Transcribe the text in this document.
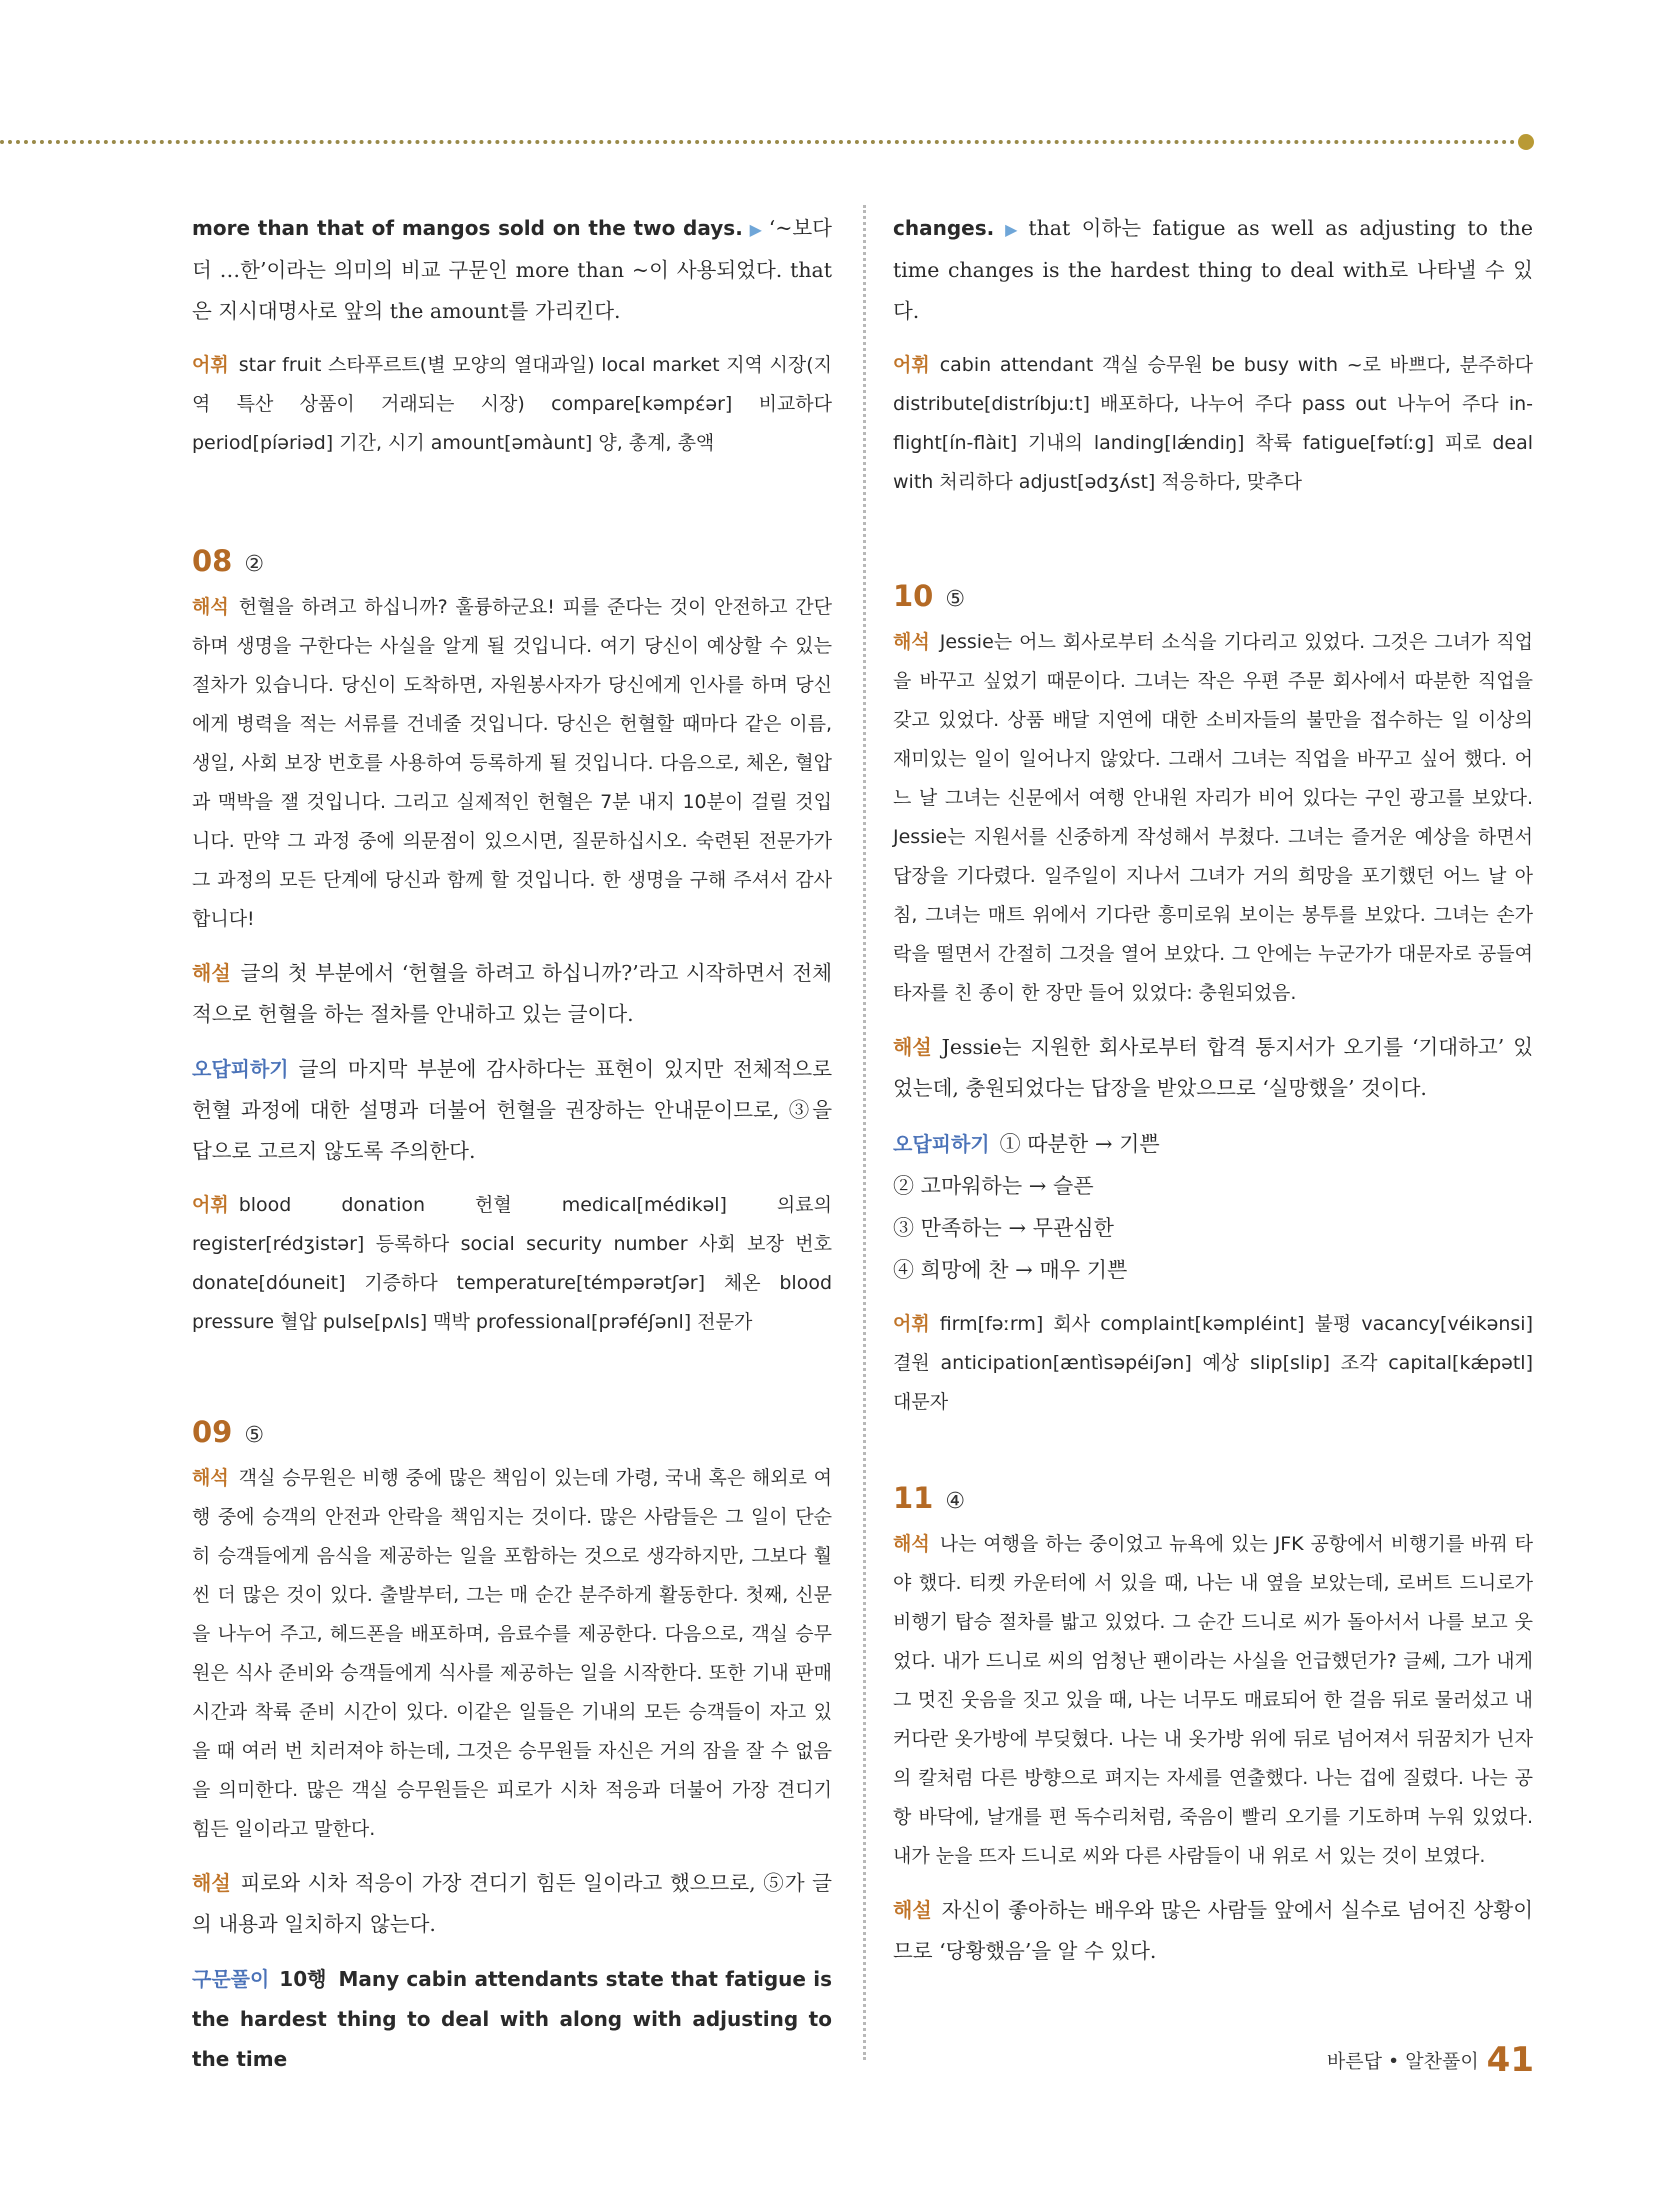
more than that of mangos sold on the two days. ▶ ‘~보다 더 …한’이라는 의미의 비교 구문인 more than ~이 사용되었다. that은 지시대명사로 앞의 the amount를 가리킨다.

어휘 star fruit 스타푸르트(별 모양의 열대과일) local market 지역 시장(지역 특산 상품이 거래되는 시장) compare[kəmpέər] 비교하다 period[píəriəd] 기간, 시기 amount[əmàunt] 양, 총계, 총액

08 ②

해석 헌혈을 하려고 하십니까? 훌륭하군요! 피를 준다는 것이 안전하고 간단하며 생명을 구한다는 사실을 알게 될 것입니다. 여기 당신이 예상할 수 있는 절차가 있습니다. 당신이 도착하면, 자원봉사자가 당신에게 인사를 하며 당신에게 병력을 적는 서류를 건네줄 것입니다. 당신은 헌혈할 때마다 같은 이름, 생일, 사회 보장 번호를 사용하여 등록하게 될 것입니다. 다음으로, 체온, 혈압과 맥박을 잴 것입니다. 그리고 실제적인 헌혈은 7분 내지 10분이 걸릴 것입니다. 만약 그 과정 중에 의문점이 있으시면, 질문하십시오. 숙련된 전문가가 그 과정의 모든 단계에 당신과 함께 할 것입니다. 한 생명을 구해 주셔서 감사합니다!

해설 글의 첫 부분에서 ‘헌혈을 하려고 하십니까?’라고 시작하면서 전체적으로 헌혈을 하는 절차를 안내하고 있는 글이다.

오답피하기 글의 마지막 부분에 감사하다는 표현이 있지만 전체적으로 헌혈 과정에 대한 설명과 더불어 헌혈을 권장하는 안내문이므로, ③을 답으로 고르지 않도록 주의한다.

어휘 blood donation 헌혈 medical[médikəl] 의료의 register[rédʒistər] 등록하다 social security number 사회 보장 번호 donate[dóuneit] 기증하다 temperature[témpərətʃər] 체온 blood pressure 혈압 pulse[pʌls] 맥박 professional[prəféʃənl] 전문가

09 ⑤

해석 객실 승무원은 비행 중에 많은 책임이 있는데 가령, 국내 혹은 해외로 여행 중에 승객의 안전과 안락을 책임지는 것이다. 많은 사람들은 그 일이 단순히 승객들에게 음식을 제공하는 일을 포함하는 것으로 생각하지만, 그보다 훨씬 더 많은 것이 있다. 출발부터, 그는 매 순간 분주하게 활동한다. 첫째, 신문을 나누어 주고, 헤드폰을 배포하며, 음료수를 제공한다. 다음으로, 객실 승무원은 식사 준비와 승객들에게 식사를 제공하는 일을 시작한다. 또한 기내 판매 시간과 착륙 준비 시간이 있다. 이같은 일들은 기내의 모든 승객들이 자고 있을 때 여러 번 치러져야 하는데, 그것은 승무원들 자신은 거의 잠을 잘 수 없음을 의미한다. 많은 객실 승무원들은 피로가 시차 적응과 더불어 가장 견디기 힘든 일이라고 말한다.

해설 피로와 시차 적응이 가장 견디기 힘든 일이라고 했으므로, ⑤가 글의 내용과 일치하지 않는다.

구문풀이 10행 Many cabin attendants state that fatigue is the hardest thing to deal with along with adjusting to the time

changes. ▶ that 이하는 fatigue as well as adjusting to the time changes is the hardest thing to deal with로 나타낼 수 있다.

어휘 cabin attendant 객실 승무원 be busy with ~로 바쁘다, 분주하다 distribute[distríbjuːt] 배포하다, 나누어 주다 pass out 나누어 주다 in-flight[ín-flàit] 기내의 landing[lǽndiŋ] 착륙 fatigue[fətíːg] 피로 deal with 처리하다 adjust[ədʒʌ́st] 적응하다, 맞추다

10 ⑤

해석 Jessie는 어느 회사로부터 소식을 기다리고 있었다. 그것은 그녀가 직업을 바꾸고 싶었기 때문이다. 그녀는 작은 우편 주문 회사에서 따분한 직업을 갖고 있었다. 상품 배달 지연에 대한 소비자들의 불만을 접수하는 일 이상의 재미있는 일이 일어나지 않았다. 그래서 그녀는 직업을 바꾸고 싶어 했다. 어느 날 그녀는 신문에서 여행 안내원 자리가 비어 있다는 구인 광고를 보았다. Jessie는 지원서를 신중하게 작성해서 부쳤다. 그녀는 즐거운 예상을 하면서 답장을 기다렸다. 일주일이 지나서 그녀가 거의 희망을 포기했던 어느 날 아침, 그녀는 매트 위에서 기다란 흥미로워 보이는 봉투를 보았다. 그녀는 손가락을 떨면서 간절히 그것을 열어 보았다. 그 안에는 누군가가 대문자로 공들여 타자를 친 종이 한 장만 들어 있었다: 충원되었음.

해설 Jessie는 지원한 회사로부터 합격 통지서가 오기를 ‘기대하고’ 있었는데, 충원되었다는 답장을 받았으므로 ‘실망했을’ 것이다.

오답피하기 ① 따분한 → 기쁜

② 고마워하는 → 슬픈

③ 만족하는 → 무관심한

④ 희망에 찬 → 매우 기쁜

어휘 firm[fəːrm] 회사 complaint[kəmpléint] 불평 vacancy[véikənsi] 결원 anticipation[æntìsəpéiʃən] 예상 slip[slip] 조각 capital[kǽpətl] 대문자

11 ④

해석 나는 여행을 하는 중이었고 뉴욕에 있는 JFK 공항에서 비행기를 바꿔 타야 했다. 티켓 카운터에 서 있을 때, 나는 내 옆을 보았는데, 로버트 드니로가 비행기 탑승 절차를 밟고 있었다. 그 순간 드니로 씨가 돌아서서 나를 보고 웃었다. 내가 드니로 씨의 엄청난 팬이라는 사실을 언급했던가? 글쎄, 그가 내게 그 멋진 웃음을 짓고 있을 때, 나는 너무도 매료되어 한 걸음 뒤로 물러섰고 내 커다란 옷가방에 부딪혔다. 나는 내 옷가방 위에 뒤로 넘어져서 뒤꿈치가 닌자의 칼처럼 다른 방향으로 펴지는 자세를 연출했다. 나는 겁에 질렸다. 나는 공항 바닥에, 날개를 편 독수리처럼, 죽음이 빨리 오기를 기도하며 누워 있었다. 내가 눈을 뜨자 드니로 씨와 다른 사람들이 내 위로 서 있는 것이 보였다.

해설 자신이 좋아하는 배우와 많은 사람들 앞에서 실수로 넘어진 상황이므로 ‘당황했음’을 알 수 있다.

바른답 • 알찬풀이 41
